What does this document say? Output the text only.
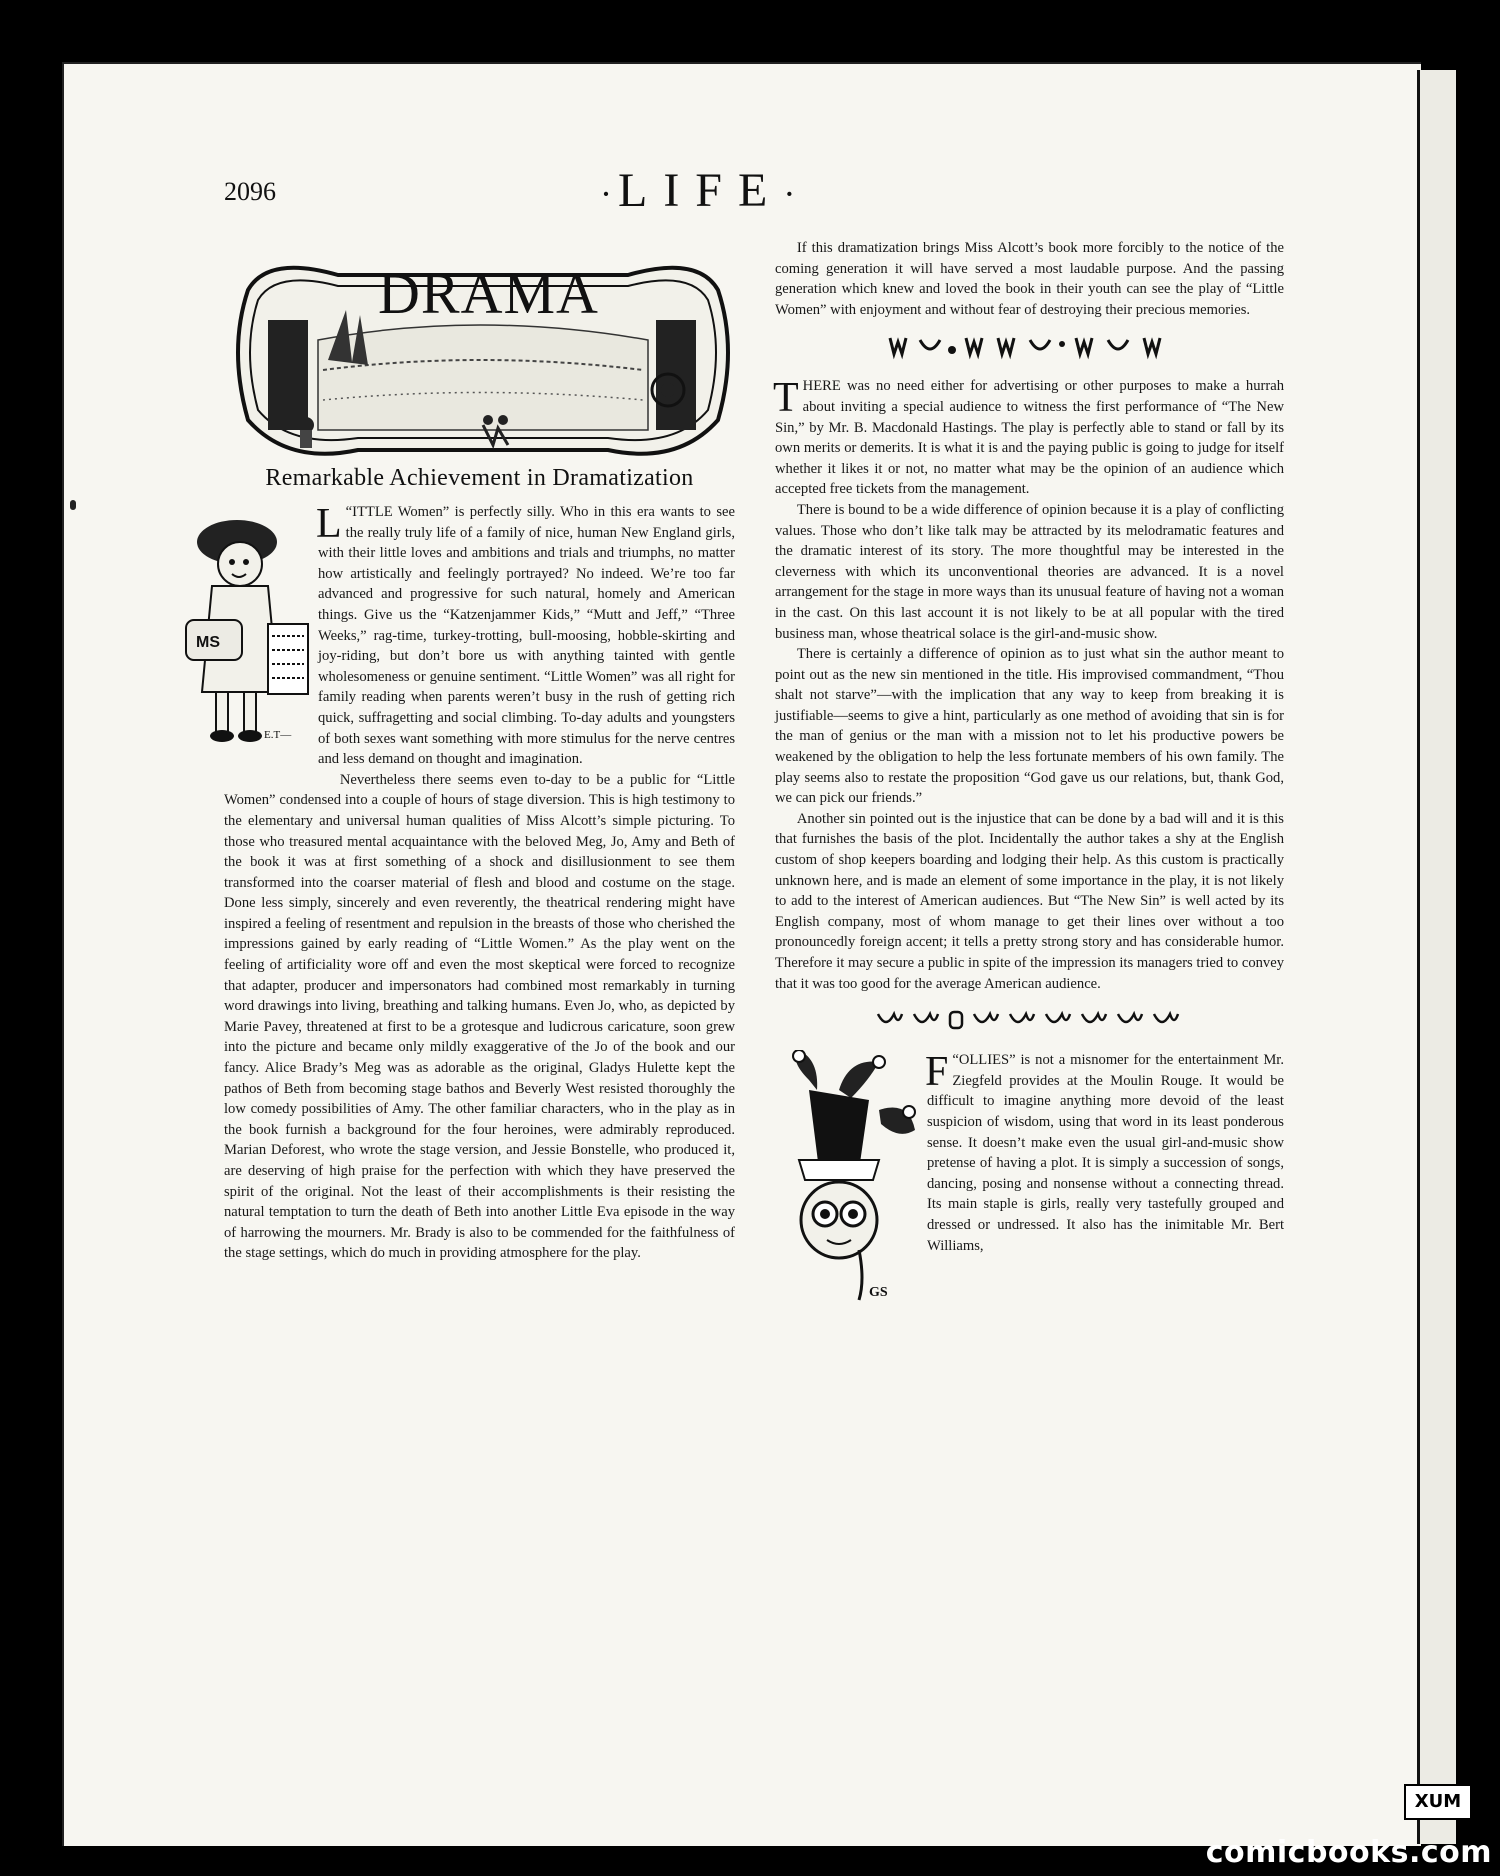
2096	·LIFE·
DRAMA
Remarkable Achievement in Dramatization
MS
E.T—
L “ITTLE Women” is perfectly silly. Who in this era wants to see the really truly life of a family of nice, human New England girls, with their little loves and ambitions and trials and triumphs, no matter how artistically and feelingly portrayed? No indeed. We’re too far advanced and progressive for such natural, homely and American things. Give us the “Katzenjammer Kids,” “Mutt and Jeff,” “Three Weeks,” rag-time, turkey-trotting, bull-moosing, hobble-skirting and joy-riding, but don’t bore us with anything tainted with gentle wholesomeness or genuine sentiment. “Little Women” was all right for family reading when parents weren’t busy in the rush of getting rich quick, suffragetting and social climbing. To-day adults and youngsters of both sexes want something with more stimulus for the nerve centres and less demand on thought and imagination.

Nevertheless there seems even to-day to be a public for “Little Women” condensed into a couple of hours of stage diversion. This is high testimony to the elementary and universal human qualities of Miss Alcott’s simple picturing. To those who treasured mental acquaintance with the beloved Meg, Jo, Amy and Beth of the book it was at first something of a shock and disillusionment to see them transformed into the coarser material of flesh and blood and costume on the stage. Done less simply, sincerely and even reverently, the theatrical rendering might have inspired a feeling of resentment and repulsion in the breasts of those who cherished the impressions gained by early reading of “Little Women.” As the play went on the feeling of artificiality wore off and even the most skeptical were forced to recognize that adapter, producer and impersonators had combined most remarkably in turning word drawings into living, breathing and talking humans. Even Jo, who, as depicted by Marie Pavey, threatened at first to be a grotesque and ludicrous caricature, soon grew into the picture and became only mildly exaggerative of the Jo of the book and our fancy. Alice Brady’s Meg was as adorable as the original, Gladys Hulette kept the pathos of Beth from becoming stage bathos and Beverly West resisted thoroughly the low comedy possibilities of Amy. The other familiar characters, who in the play as in the book furnish a background for the four heroines, were admirably reproduced. Marian Deforest, who wrote the stage version, and Jessie Bonstelle, who produced it, are deserving of high praise for the perfection with which they have preserved the spirit of the original. Not the least of their accomplishments is their resisting the natural temptation to turn the death of Beth into another Little Eva episode in the way of harrowing the mourners. Mr. Brady is also to be commended for the faithfulness of the stage settings, which do much in providing atmosphere for the play.

If this dramatization brings Miss Alcott’s book more forcibly to the notice of the coming generation it will have served a most laudable purpose. And the passing generation which knew and loved the book in their youth can see the play of “Little Women” with enjoyment and without fear of destroying their precious memories.

T HERE was no need either for advertising or other purposes to make a hurrah about inviting a special audience to witness the first performance of “The New Sin,” by Mr. B. Macdonald Hastings. The play is perfectly able to stand or fall by its own merits or demerits. It is what it is and the paying public is going to judge for itself whether it likes it or not, no matter what may be the opinion of an audience which accepted free tickets from the management.

There is bound to be a wide difference of opinion because it is a play of conflicting values. Those who don’t like talk may be attracted by its melodramatic features and the dramatic interest of its story. The more thoughtful may be interested in the cleverness with which its unconventional theories are advanced. It is a novel arrangement for the stage in more ways than its unusual feature of having not a woman in the cast. On this last account it is not likely to be at all popular with the tired business man, whose theatrical solace is the girl-and-music show.

There is certainly a difference of opinion as to just what sin the author meant to point out as the new sin mentioned in the title. His improvised commandment, “Thou shalt not starve”—with the implication that any way to keep from breaking it is justifiable—seems to give a hint, particularly as one method of avoiding that sin is for the man of genius or the man with a mission not to let his productive powers be weakened by the obligation to help the less fortunate members of his own family. The play seems also to restate the proposition “God gave us our relations, but, thank God, we can pick our friends.”

Another sin pointed out is the injustice that can be done by a bad will and it is this that furnishes the basis of the plot. Incidentally the author takes a shy at the English custom of shop keepers boarding and lodging their help. As this custom is practically unknown here, and is made an element of some importance in the play, it is not likely to add to the interest of American audiences. But “The New Sin” is well acted by its English company, most of whom manage to get their lines over without a too pronouncedly foreign accent; it tells a pretty strong story and has considerable humor. Therefore it may secure a public in spite of the impression its managers tried to convey that it was too good for the average American audience.

GS
F “OLLIES” is not a misnomer for the entertainment Mr. Ziegfeld provides at the Moulin Rouge. It would be difficult to imagine anything more devoid of the least suspicion of wisdom, using that word in its least ponderous sense. It doesn’t make even the usual girl-and-music show pretense of having a plot. It is simply a succession of songs, dancing, posing and nonsense without a connecting thread. Its main staple is girls, really very tastefully grouped and dressed or undressed. It also has the inimitable Mr. Bert Williams,

XUM
comicbooks.com
